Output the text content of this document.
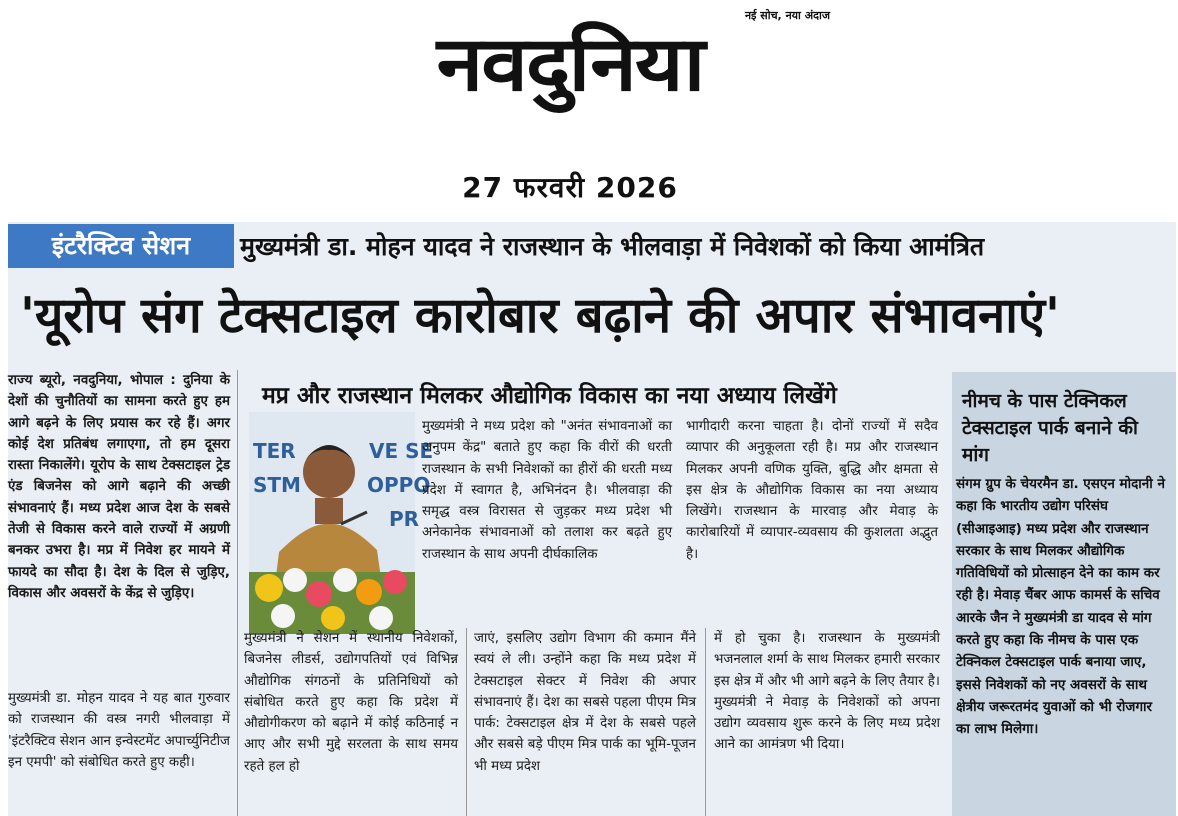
नई सोच, नया अंदाज
नवदुनिया
27 फरवरी 2026
इंटरैक्टिव सेशन	मुख्यमंत्री डा. मोहन यादव ने राजस्थान के भीलवाड़ा में निवेशकों को किया आमंत्रित
'यूरोप संग टेक्सटाइल कारोबार बढ़ाने की अपार संभावनाएं'
राज्य ब्यूरो, नवदुनिया, भोपाल : दुनिया के देशों की चुनौतियों का सामना करते हुए हम आगे बढ़ने के लिए प्रयास कर रहे हैं। अगर कोई देश प्रतिबंध लगाएगा, तो हम दूसरा रास्ता निकालेंगे। यूरोप के साथ टेक्सटाइल ट्रेड एंड बिजनेस को आगे बढ़ाने की अच्छी संभावनाएं हैं। मध्य प्रदेश आज देश के सबसे तेजी से विकास करने वाले राज्यों में अग्रणी बनकर उभरा है। मप्र में निवेश हर मायने में फायदे का सौदा है। देश के दिल से जुड़िए, विकास और अवसरों के केंद्र से जुड़िए।
मुख्यमंत्री डा. मोहन यादव ने यह बात गुरुवार को राजस्थान की वस्त्र नगरी भीलवाड़ा में 'इंटरैक्टिव सेशन आन इन्वेस्टमेंट अपार्च्युनिटीज इन एमपी' को संबोधित करते हुए कही।
मप्र और राजस्थान मिलकर औद्योगिक विकास का नया अध्याय लिखेंगे
TER	VE SE
STM	OPPO
PR
मुख्यमंत्री ने मध्य प्रदेश को "अनंत संभावनाओं का अनुपम केंद्र" बताते हुए कहा कि वीरों की धरती राजस्थान के सभी निवेशकों का हीरों की धरती मध्य प्रदेश में स्वागत है, अभिनंदन है। भीलवाड़ा की समृद्ध वस्त्र विरासत से जुड़कर मध्य प्रदेश भी अनेकानेक संभावनाओं को तलाश कर बढ़ते हुए राजस्थान के साथ अपनी दीर्घकालिक
भागीदारी करना चाहता है। दोनों राज्यों में सदैव व्यापार की अनुकूलता रही है। मप्र और राजस्थान मिलकर अपनी वणिक युक्ति, बुद्धि और क्षमता से इस क्षेत्र के औद्योगिक विकास का नया अध्याय लिखेंगे। राजस्थान के मारवाड़ और मेवाड़ के कारोबारियों में व्यापार-व्यवसाय की कुशलता अद्भुत है।
मुख्यमंत्री ने सेशन में स्थानीय निवेशकों, बिजनेस लीडर्स, उद्योगपतियों एवं विभिन्न औद्योगिक संगठनों के प्रतिनिधियों को संबोधित करते हुए कहा कि प्रदेश में औद्योगीकरण को बढ़ाने में कोई कठिनाई न आए और सभी मुद्दे सरलता के साथ समय रहते हल हो
जाएं, इसलिए उद्योग विभाग की कमान मैंने स्वयं ले ली। उन्होंने कहा कि मध्य प्रदेश में टेक्सटाइल सेक्टर में निवेश की अपार संभावनाएं हैं। देश का सबसे पहला पीएम मित्र पार्क: टेक्सटाइल क्षेत्र में देश के सबसे पहले और सबसे बड़े पीएम मित्र पार्क का भूमि-पूजन भी मध्य प्रदेश
में हो चुका है। राजस्थान के मुख्यमंत्री भजनलाल शर्मा के साथ मिलकर हमारी सरकार इस क्षेत्र में और भी आगे बढ़ने के लिए तैयार है। मुख्यमंत्री ने मेवाड़ के निवेशकों को अपना उद्योग व्यवसाय शुरू करने के लिए मध्य प्रदेश आने का आमंत्रण भी दिया।
नीमच के पास टेक्निकल टेक्सटाइल पार्क बनाने की मांग
संगम ग्रुप के चेयरमैन डा. एसएन मोदानी ने कहा कि भारतीय उद्योग परिसंघ (सीआइआइ) मध्य प्रदेश और राजस्थान सरकार के साथ मिलकर औद्योगिक गतिविधियों को प्रोत्साहन देने का काम कर रही है। मेवाड़ चैंबर आफ कामर्स के सचिव आरके जैन ने मुख्यमंत्री डा यादव से मांग करते हुए कहा कि नीमच के पास एक टेक्निकल टेक्सटाइल पार्क बनाया जाए, इससे निवेशकों को नए अवसरों के साथ क्षेत्रीय जरूरतमंद युवाओं को भी रोजगार का लाभ मिलेगा।
